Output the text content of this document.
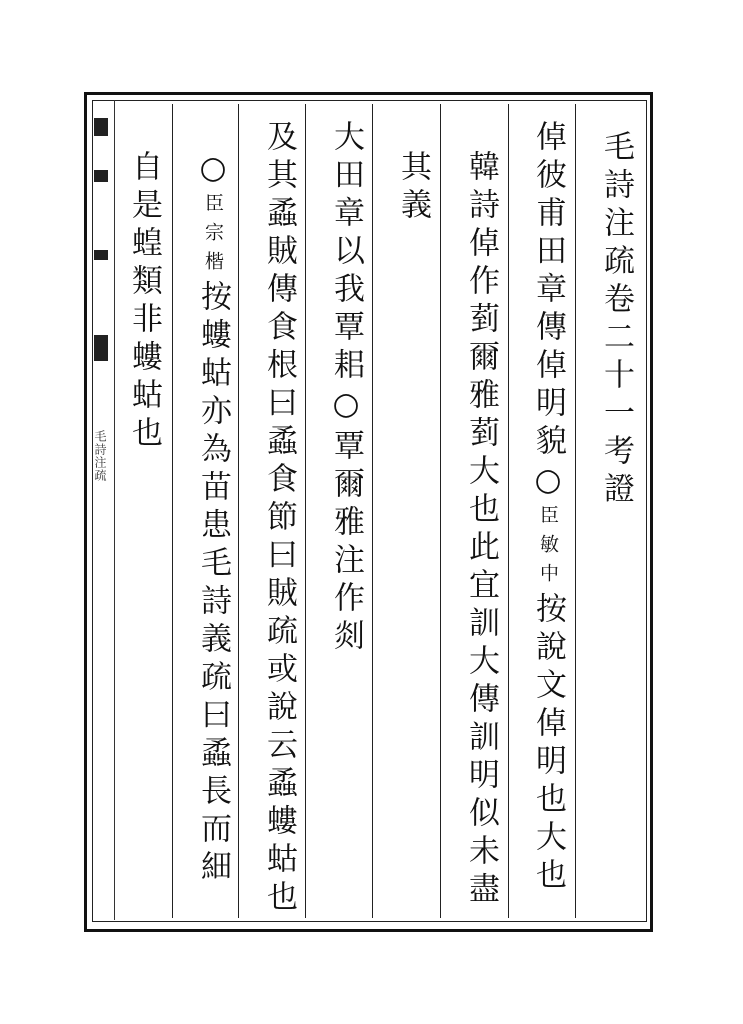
毛詩注疏	毛詩注疏卷二十一考證
倬彼甫田章傳倬明貌○臣敏中按說文倬明也大也
韓詩倬作菿爾雅菿大也此宜訓大傳訓明似未盡
其義
大田章以我覃耜○覃爾雅注作剡
及其蟊賊傳食根曰蟊食節曰賊疏或說云蟊螻蛄也
○臣宗楷按螻蛄亦為苗患毛詩義疏曰蟊長而細
自是蝗類非螻蛄也
